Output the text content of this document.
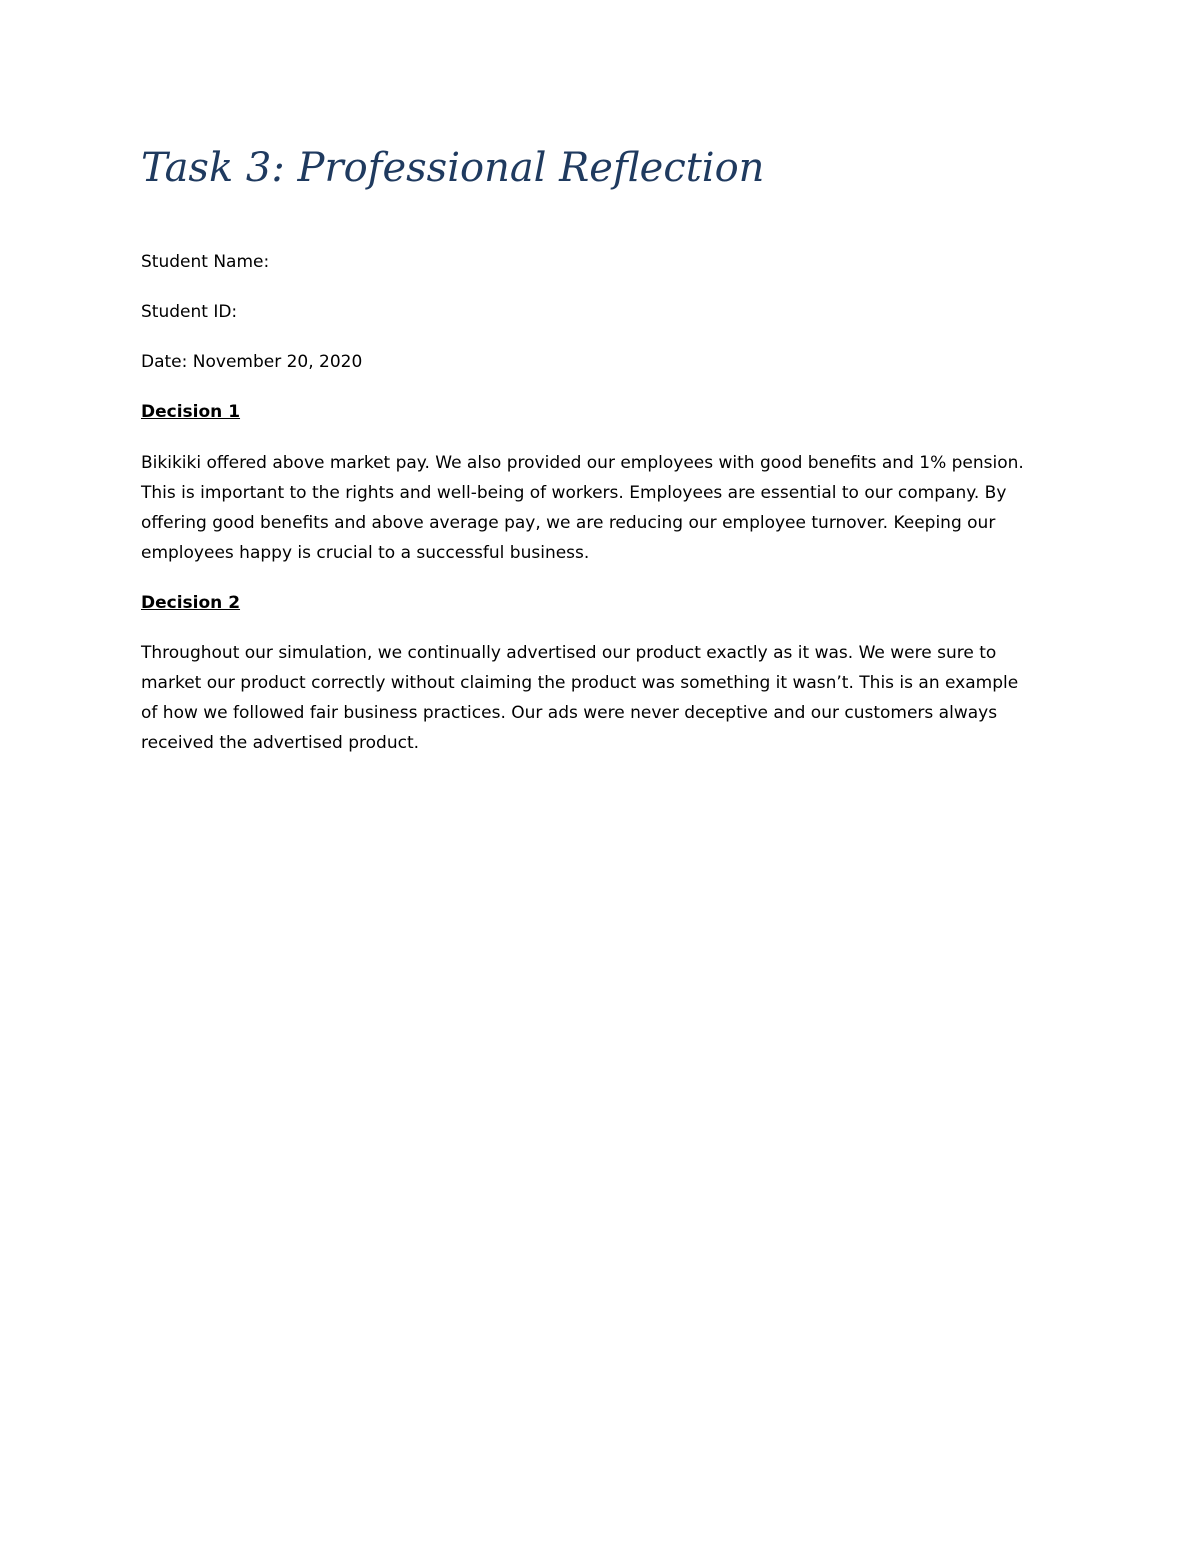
Task 3: Professional Reflection

Student Name:

Student ID:

Date: November 20, 2020

Decision 1

Bikikiki offered above market pay. We also provided our employees with good benefits and 1% pension.
This is important to the rights and well-being of workers. Employees are essential to our company. By
offering good benefits and above average pay, we are reducing our employee turnover. Keeping our
employees happy is crucial to a successful business.

Decision 2

Throughout our simulation, we continually advertised our product exactly as it was. We were sure to
market our product correctly without claiming the product was something it wasn’t. This is an example
of how we followed fair business practices. Our ads were never deceptive and our customers always
received the advertised product.
